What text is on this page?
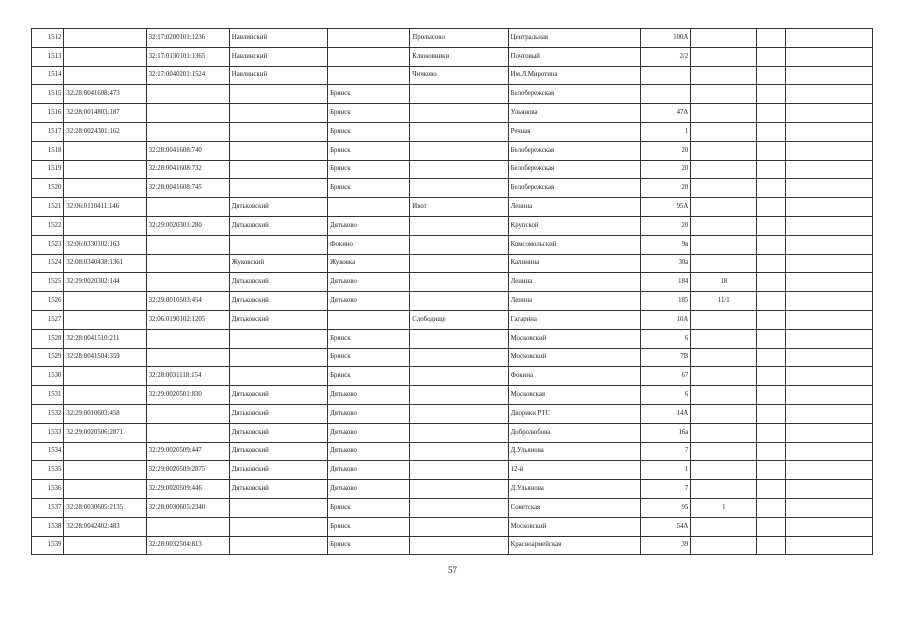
1512		32:17:0200101:1236	Навлинский		Пролысово	Центральная	100А			
1513		32:17:0130101:1365	Навлинский		Клюковники	Почтовый	2/2			
1514		32:17:0040201:1524	Навлинский		Чичково	Им.Л.Миротина				
1515	32:28:0041608:473			Брянск		Белобережская				
1516	32:28:0014803:187			Брянск		Ульянова	47А			
1517	32:28:0024301:162			Брянск		Речная	1			
1518		32:28:0041608:740		Брянск		Белобережская	20			
1519		32:28:0041608:732		Брянск		Белобережская	20			
1520		32:28:0041608:745		Брянск		Белобережская	20			
1521	32:06:0110411:146		Дятьковский		Ивот	Ленина	95А			
1522		32:29:0020301:280	Дятьковский	Дятьково		Крупской	20			
1523	32:06:0330102:163			Фокино		Комсомольский	9в			
1524	32:08:0340438:1361		Жуковский	Жуковка		Калинина	30а			
1525	32:29:0020302:144		Дятьковский	Дятьково		Ленина	184	18		
1526		32:29:0010503:454	Дятьковский	Дятьково		Ленина	185	11/1		
1527		32:06:0190102:1205	Дятьковский		Слободище	Гагарина	10А			
1528	32:28:0041510:211			Брянск		Московский	6			
1529	32:28:0041504:359			Брянск		Московский	7В			
1530		32:28:0031118:154		Брянск		Фокина	67			
1531		32:29:0020501:830	Дятьковский	Дятьково		Московская	6			
1532	32:29:0010603:458		Дятьковский	Дятьково		Дворики РТС	14А			
1533	32:29:0020506:2871		Дятьковский	Дятьково		Добролюбова	16а			
1534		32:29:0020509:447	Дятьковский	Дятьково		Д.Ульянова	7			
1535		32:29:0020509:2875	Дятьковский	Дятьково		12-й	1			
1536		32:29:0020509:446	Дятьковский	Дятьково		Д.Ульянова	7			
1537	32:28:0030605:2135	32:28:0030605:2340		Брянск		Советская	95	1		
1538	32:28:0042402:483			Брянск		Московский	54А			
1539		32:28:0032504:813		Брянск		Красноармейская	39			
57
